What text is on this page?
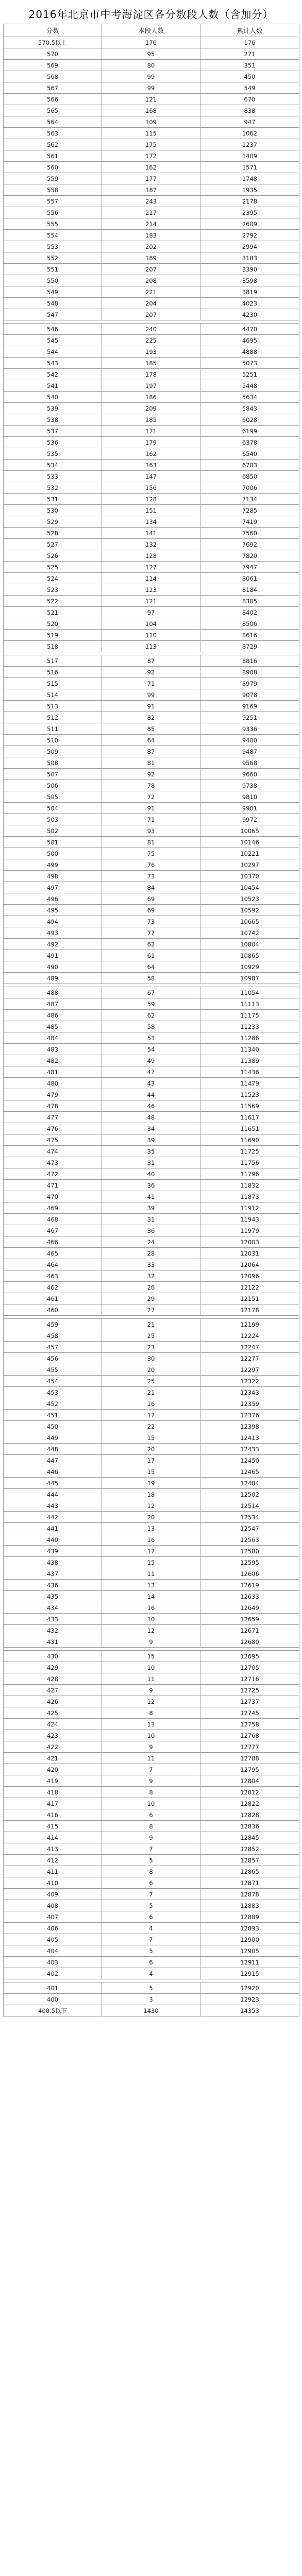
2016年北京市中考海淀区各分数段人数（含加分）
分数	本段人数	累计人数
570.5以上	176	176
570	95	271
569	80	351
568	99	450
567	99	549
566	121	670
565	168	838
564	109	947
563	115	1062
562	175	1237
561	172	1409
560	162	1571
559	177	1748
558	187	1935
557	243	2178
556	217	2395
555	214	2609
554	183	2792
553	202	2994
552	189	3183
551	207	3390
550	208	3598
549	221	3819
548	204	4023
547	207	4230

546	240	4470
545	225	4695
544	193	4888
543	185	5073
542	178	5251
541	197	5448
540	186	5634
539	209	5843
538	185	6028
537	171	6199
536	179	6378
535	162	6540
534	163	6703
533	147	6850
532	156	7006
531	128	7134
530	151	7285
529	134	7419
528	141	7560
527	132	7692
526	128	7820
525	127	7947
524	114	8061
523	123	8184
522	121	8305
521	97	8402
520	104	8506
519	110	8616
518	113	8729

517	87	8816
516	92	8908
515	71	8979
514	99	9078
513	91	9169
512	82	9251
511	85	9336
510	64	9400
509	87	9487
508	81	9568
507	92	9660
506	78	9738
505	72	9810
504	91	9901
503	71	9972
502	93	10065
501	81	10146
500	75	10221
499	76	10297
498	73	10370
497	84	10454
496	69	10523
495	69	10592
494	73	10665
493	77	10742
492	62	10804
491	61	10865
490	64	10929
489	58	10987

488	67	11054
487	59	11113
486	62	11175
485	58	11233
484	53	11286
483	54	11340
482	49	11389
481	47	11436
480	43	11479
479	44	11523
478	46	11569
477	48	11617
476	34	11651
475	39	11690
474	35	11725
473	31	11756
472	40	11796
471	36	11832
470	41	11873
469	39	11912
468	31	11943
467	36	11979
466	24	12003
465	28	12031
464	33	12064
463	32	12096
462	26	12122
461	29	12151
460	27	12178

459	21	12199
458	25	12224
457	23	12247
456	30	12277
455	20	12297
454	25	12322
453	21	12343
452	16	12359
451	17	12376
450	22	12398
449	15	12413
448	20	12433
447	17	12450
446	15	12465
445	19	12484
444	18	12502
443	12	12514
442	20	12534
441	13	12547
440	16	12563
439	17	12580
438	15	12595
437	11	12606
436	13	12619
435	14	12633
434	16	12649
433	10	12659
432	12	12671
431	9	12680

430	15	12695
429	10	12705
428	11	12716
427	9	12725
426	12	12737
425	8	12745
424	13	12758
423	10	12768
422	9	12777
421	11	12788
420	7	12795
419	9	12804
418	8	12812
417	10	12822
416	6	12828
415	8	12836
414	9	12845
413	7	12852
412	5	12857
411	8	12865
410	6	12871
409	7	12878
408	5	12883
407	6	12889
406	4	12893
405	7	12900
404	5	12905
403	6	12911
402	4	12915

401	5	12920
400	3	12923
400.5以下	1430	14353
